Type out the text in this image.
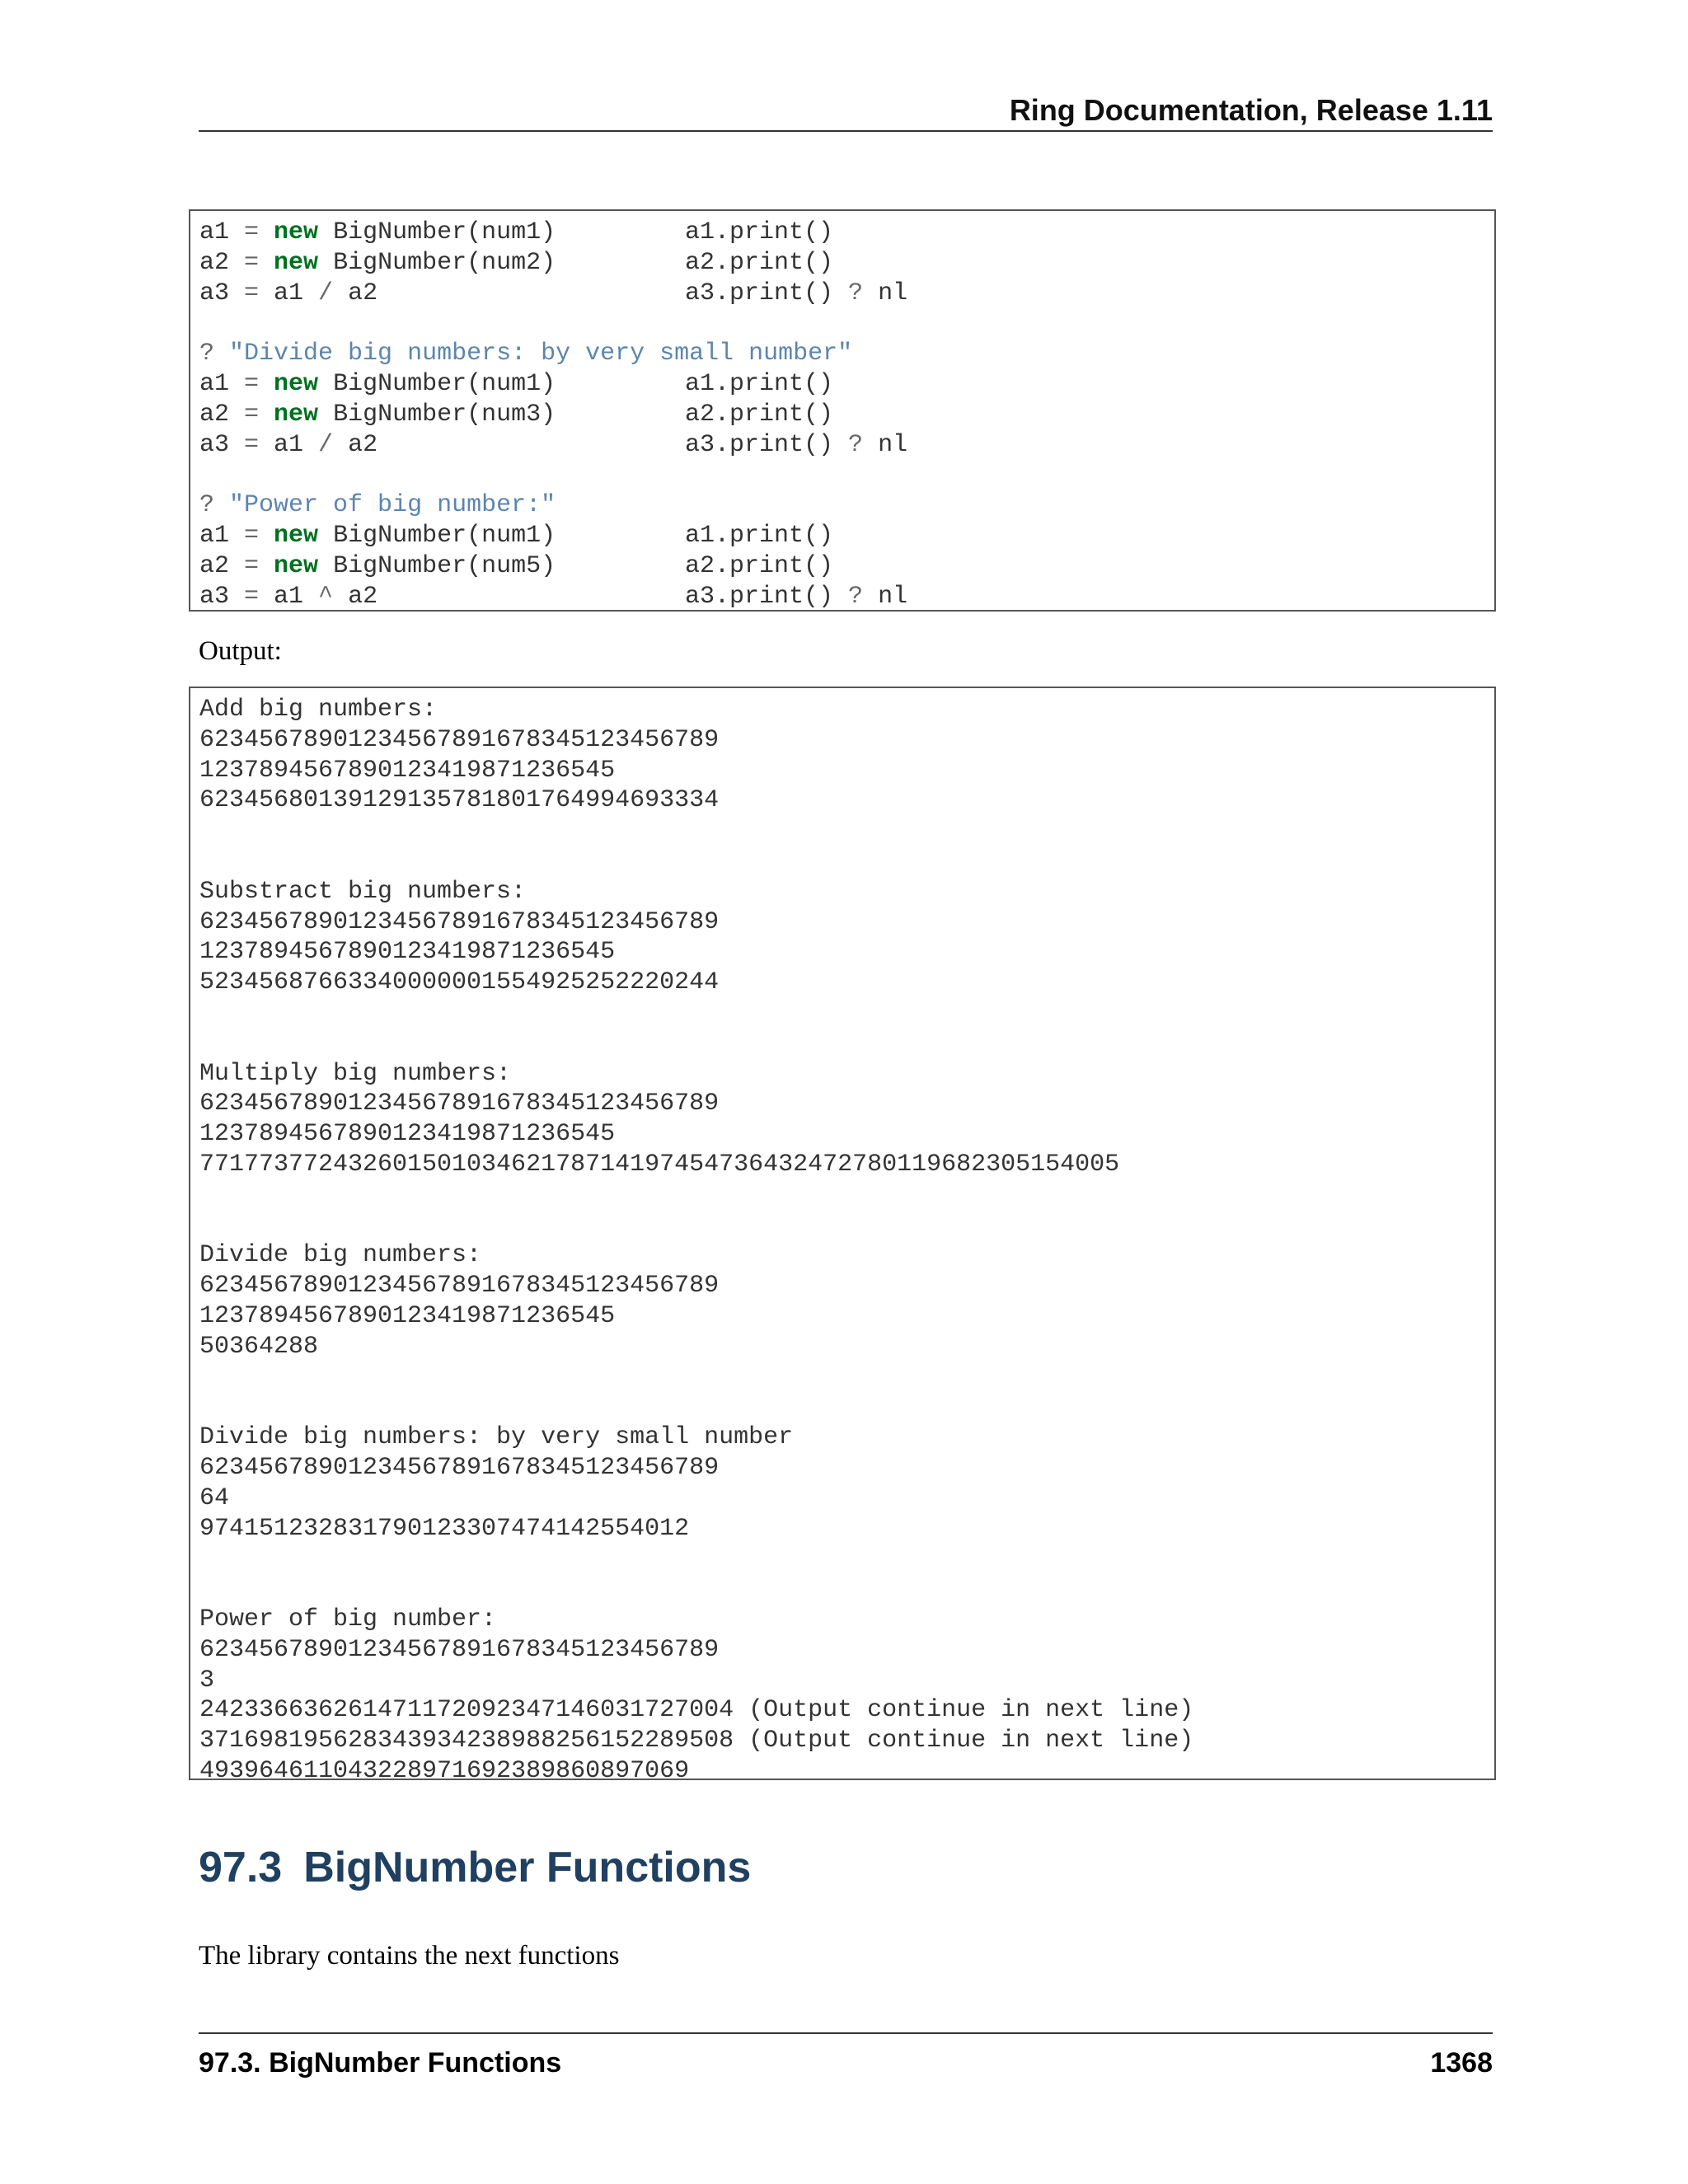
Ring Documentation, Release 1.11
a1 = new BigNumber(num1)	a1.print()
a2 = new BigNumber(num2)	a2.print()
a3 = a1 / a2	a3.print() ? nl

? "Divide big numbers: by very small number"
a1 = new BigNumber(num1)	a1.print()
a2 = new BigNumber(num3)	a2.print()
a3 = a1 / a2	a3.print() ? nl

? "Power of big number:"
a1 = new BigNumber(num1)	a1.print()
a2 = new BigNumber(num5)	a2.print()
a3 = a1 ^ a2	a3.print() ? nl
Output:
Add big numbers:
62345678901234567891678345123456789
1237894567890123419871236545
62345680139129135781801764994693334

Substract big numbers:
62345678901234567891678345123456789
1237894567890123419871236545
52345687663340000001554925252220244

Multiply big numbers:
62345678901234567891678345123456789
1237894567890123419871236545
77177377243260150103462178714197454736432472780119682305154005

Divide big numbers:
62345678901234567891678345123456789
1237894567890123419871236545
50364288

Divide big numbers: by very small number
62345678901234567891678345123456789
64
974151232831790123307474142554012

Power of big number:
62345678901234567891678345123456789
3
242336636261471172092347146031727004 (Output continue in next line)
371698195628343934238988256152289508 (Output continue in next line)
4939646110432289716923898608970​69
97.3 BigNumber Functions
The library contains the next functions
97.3. BigNumber Functions	1368
